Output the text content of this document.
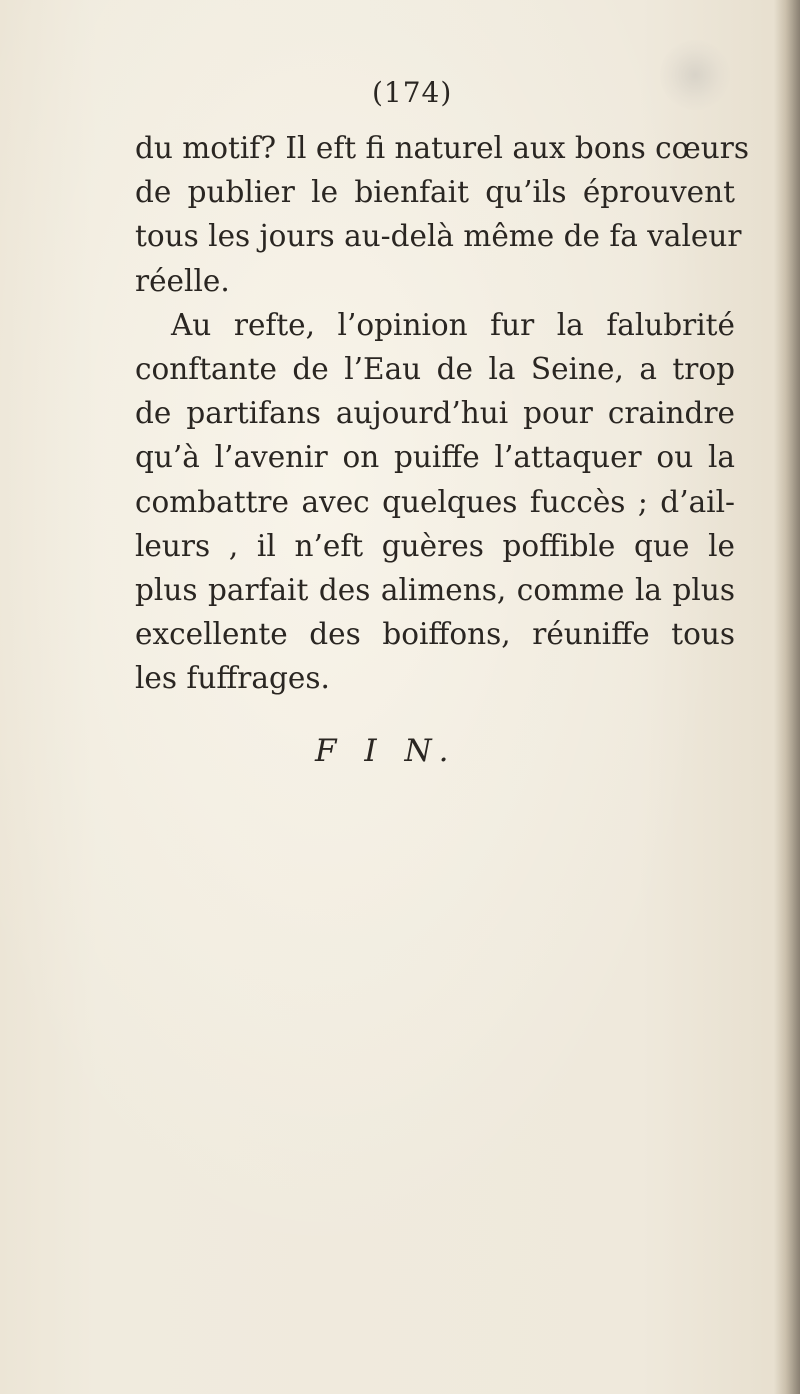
(174)
du motif? Il eft fi naturel aux bons cœurs
de publier le bienfait qu’ils éprouvent
tous les jours au-delà même de fa valeur
réelle.
Au refte, l’opinion fur la falubrité
conftante de l’Eau de la Seine, a trop
de partifans aujourd’hui pour craindre
qu’à l’avenir on puiffe l’attaquer ou la
combattre avec quelques fuccès ; d’ail-
leurs , il n’eft guères poffible que le
plus parfait des alimens, comme la plus
excellente des boiffons, réuniffe tous
les fuffrages.
F I N.
